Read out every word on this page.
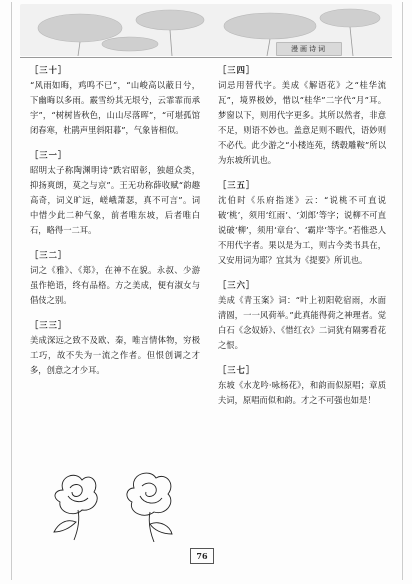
漫画诗词
［三十］
“风雨如晦，鸡鸣不已”，“山峻高以蔽日兮，下幽晦以多雨。霰雪纷其无垠兮，云霏霏而承宇”，“树树皆秋色，山山尽落晖”，“可堪孤馆闭春寒，杜鹃声里斜阳暮”，气象皆相似。
［三一］
昭明太子称陶渊明诗“跌宕昭彰，独超众类，抑扬爽朗，莫之与京”。王无功称薛收赋“韵趣高奇，词义旷远，嵯峨萧瑟，真不可言”。词中惜少此二种气象，前者唯东坡，后者唯白石，略得一二耳。
［三二］
词之《雅》、《郑》，在神不在貌。永叔、少游虽作艳语，终有品格。方之美成，便有淑女与倡伎之别。
［三三］
美成深远之致不及欧、秦，唯言情体物，穷极工巧，故不失为一流之作者。但恨创调之才多，创意之才少耳。
［三四］
词忌用替代字。美成《解语花》之“桂华流瓦”，境界极妙，惜以“桂华”二字代“月”耳。梦窗以下，则用代字更多。其所以然者，非意不足，则语不妙也。盖意足则不暇代，语妙则不必代。此少游之“小楼连苑，绣毂雕鞍”所以为东坡所讥也。
［三五］
沈伯时《乐府指迷》云：“说桃不可直说破‘桃’，须用‘红雨’、‘刘郎’等字；说柳不可直说破‘柳’，须用‘章台’、‘霸岸’等字。”若惟恐人不用代字者。果以是为工，则古今类书具在，又安用词为耶？宜其为《提要》所讥也。
［三六］
美成《青玉案》词：“叶上初阳乾宿雨，水面清圆，一一风荷举。”此真能得荷之神理者。觉白石《念奴娇》、《惜红衣》二词犹有隔雾看花之恨。
［三七］
东坡《水龙吟·咏杨花》，和韵而似原唱；章质夫词，原唱而似和韵。才之不可强也如是！
76
